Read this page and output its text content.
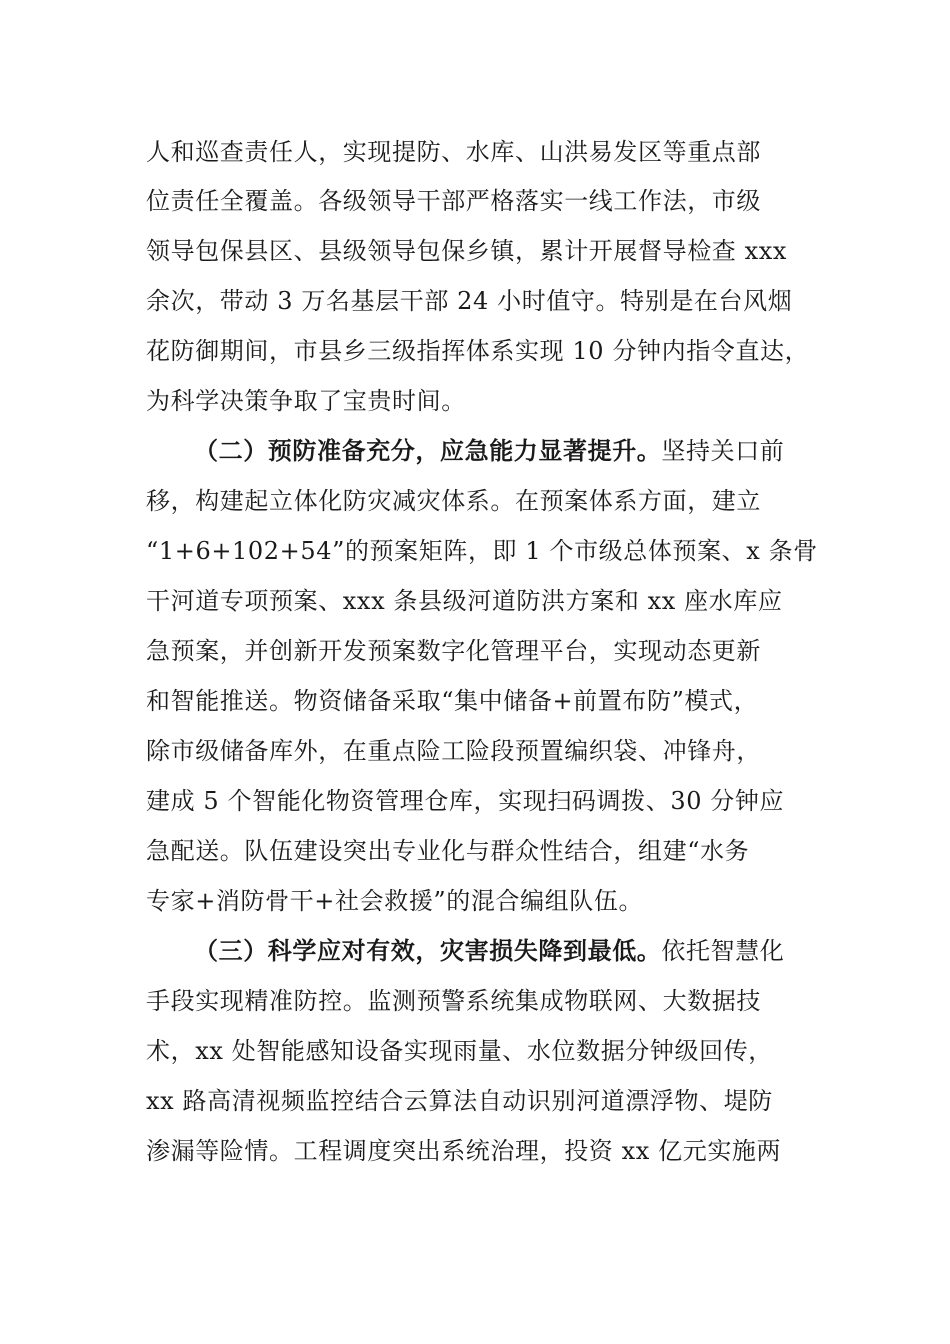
人和巡查责任人，实现提防、水库、山洪易发区等重点部
位责任全覆盖。各级领导干部严格落实一线工作法，市级
领导包保县区、县级领导包保乡镇，累计开展督导检查 xxx
余次，带动 3 万名基层干部 24 小时值守。特别是在台风烟
花防御期间，市县乡三级指挥体系实现 10 分钟内指令直达，
为科学决策争取了宝贵时间。
（二）预防准备充分，应急能力显著提升。坚持关口前
移，构建起立体化防灾减灾体系。在预案体系方面，建立
“1+6+102+54”的预案矩阵，即 1 个市级总体预案、x 条骨
干河道专项预案、xxx 条县级河道防洪方案和 xx 座水库应
急预案，并创新开发预案数字化管理平台，实现动态更新
和智能推送。物资储备采取“集中储备+前置布防”模式，
除市级储备库外，在重点险工险段预置编织袋、冲锋舟，
建成 5 个智能化物资管理仓库，实现扫码调拨、30 分钟应
急配送。队伍建设突出专业化与群众性结合，组建“水务
专家+消防骨干+社会救援”的混合编组队伍。
（三）科学应对有效，灾害损失降到最低。依托智慧化
手段实现精准防控。监测预警系统集成物联网、大数据技
术，xx 处智能感知设备实现雨量、水位数据分钟级回传，
xx 路高清视频监控结合云算法自动识别河道漂浮物、堤防
渗漏等险情。工程调度突出系统治理，投资 xx 亿元实施两
